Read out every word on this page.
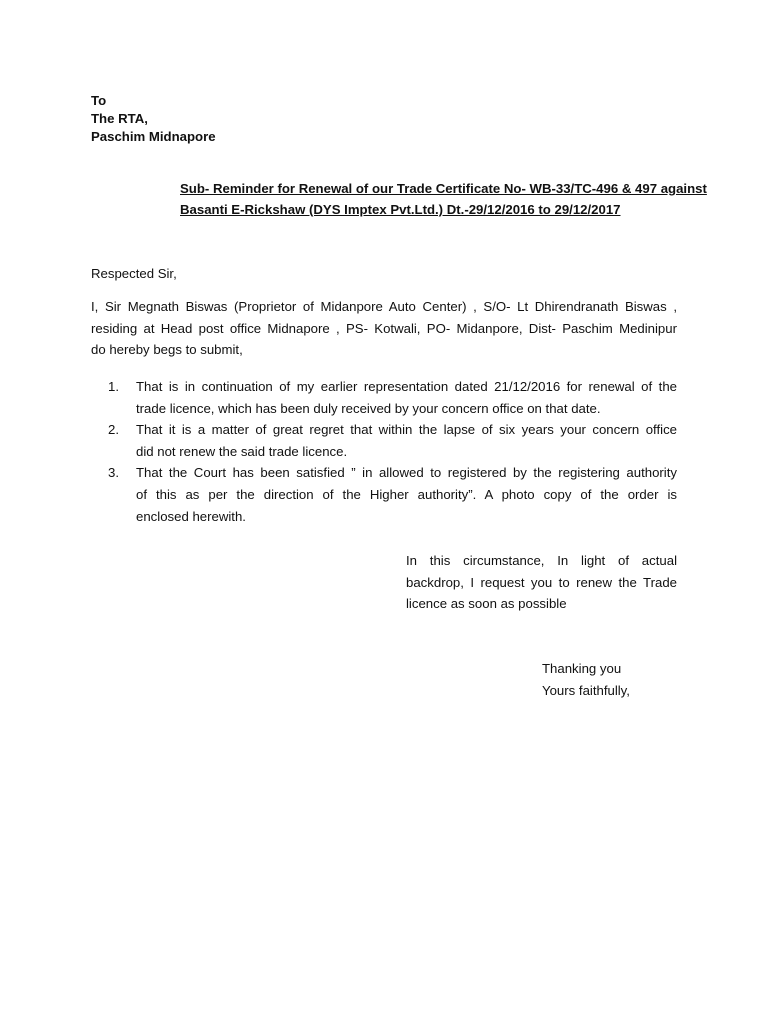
To
The RTA,
Paschim Midnapore
Sub- Reminder for Renewal of our Trade Certificate No- WB-33/TC-496 & 497 against
Basanti E-Rickshaw (DYS Imptex Pvt.Ltd.) Dt.-29/12/2016 to 29/12/2017
Respected Sir,
I, Sir Megnath Biswas (Proprietor of Midanpore Auto Center) , S/O- Lt Dhirendranath Biswas ,
residing at Head post office Midnapore , PS- Kotwali, PO- Midanpore, Dist- Paschim Medinipur
do hereby begs to submit,
1. That is in continuation of my earlier representation dated 21/12/2016 for renewal of the
trade licence, which has been duly received by your concern office on that date.
2. That it is a matter of great regret that within the lapse of six years your concern office
did not renew the said trade licence.
3. That the Court has been satisfied ” in allowed to registered by the registering authority
of this as per the direction of the Higher authority”. A photo copy of the order is
enclosed herewith.
In this circumstance, In light of actual
backdrop, I request you to renew the Trade
licence as soon as possible
Thanking you
Yours faithfully,
